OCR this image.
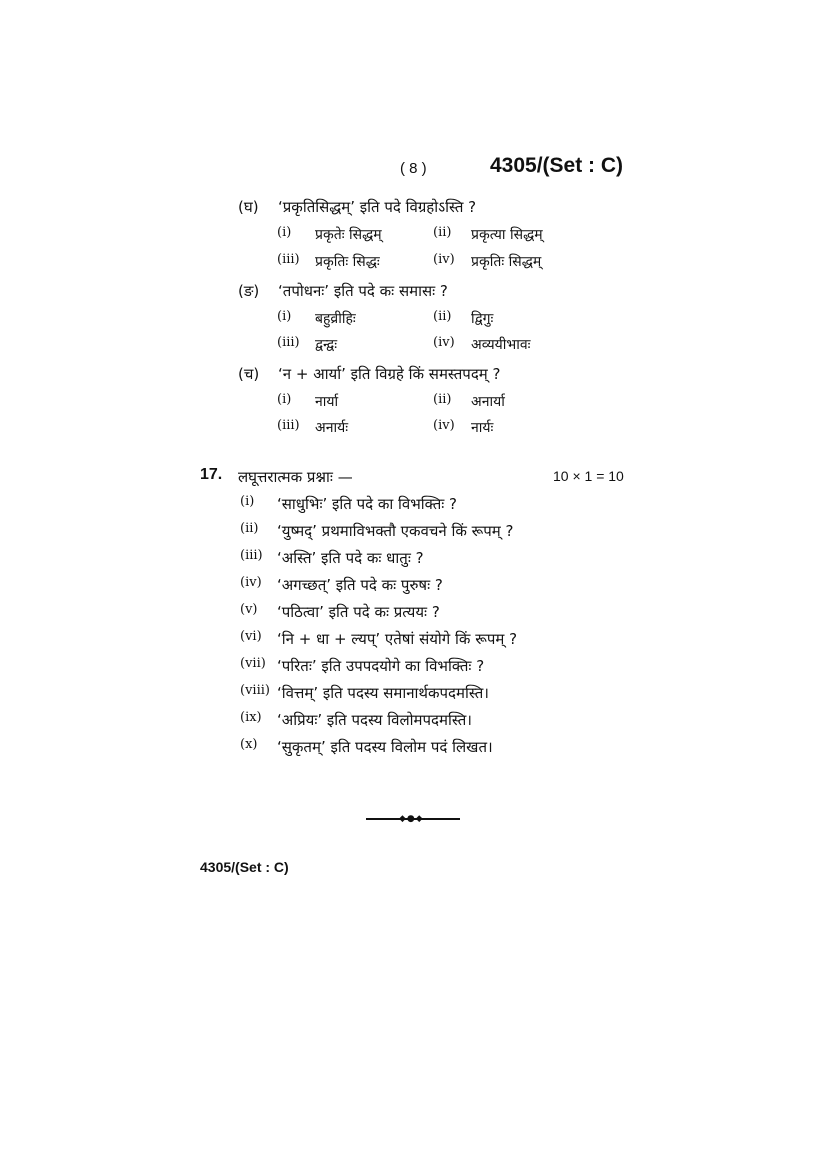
( 8 )	4305/(Set : C)
(घ) ‘प्रकृतिसिद्धम्’ इति पदे विग्रहोऽस्ति ?
(i) प्रकृतेः सिद्धम्	(ii) प्रकृत्या सिद्धम्
(iii) प्रकृतिः सिद्धः	(iv) प्रकृतिः सिद्धम्
(ङ) ‘तपोधनः’ इति पदे कः समासः ?
(i) बहुव्रीहिः	(ii) द्विगुः
(iii) द्वन्द्वः	(iv) अव्ययीभावः
(च) ‘न + आर्या’ इति विग्रहे किं समस्तपदम् ?
(i) नार्या	(ii) अनार्या
(iii) अनार्यः	(iv) नार्यः
17. लघूत्तरात्मक प्रश्नाः —	10 × 1 = 10
(i) ‘साधुभिः’ इति पदे का विभक्तिः ?
(ii) ‘युष्मद्’ प्रथमाविभक्तौ एकवचने किं रूपम् ?
(iii) ‘अस्ति’ इति पदे कः धातुः ?
(iv) ‘अगच्छत्’ इति पदे कः पुरुषः ?
(v) ‘पठित्वा’ इति पदे कः प्रत्ययः ?
(vi) ‘नि + धा + ल्यप्’ एतेषां संयोगे किं रूपम् ?
(vii) ‘परितः’ इति उपपदयोगे का विभक्तिः ?
(viii) ‘वित्तम्’ इति पदस्य समानार्थकपदमस्ति।
(ix) ‘अप्रियः’ इति पदस्य विलोमपदमस्ति।
(x) ‘सुकृतम्’ इति पदस्य विलोम पदं लिखत।
◆●◆
4305/(Set : C)
